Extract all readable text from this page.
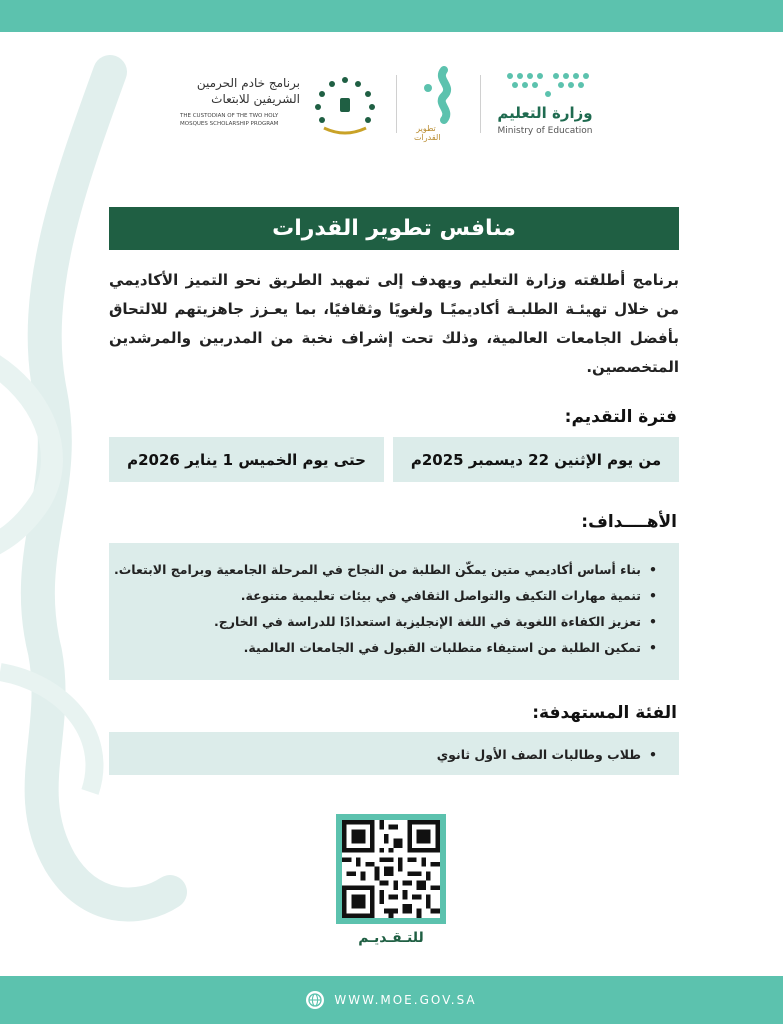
برنامج خادم الحرمين
الشريفين للابتعاث
THE CUSTODIAN OF THE TWO HOLY
MOSQUES SCHOLARSHIP PROGRAM	تطوير القدرات
وزارة التعليم
Ministry of Education
منافس تطوير القدرات
برنامج أطلقته وزارة التعليم ويهدف إلى تمهيد الطريق نحو التميز الأكاديمي من خلال تهيئـة الطلبـة أكاديميًـا ولغويًا وثقافيًا، بما يعـزز جاهزيتهم للالتحاق بأفضل الجامعات العالمية، وذلك تحت إشراف نخبة من المدربين والمرشدين المتخصصين.
فترة التقديم:
من يوم الإثنين 22 ديسمبر 2025م
حتى يوم الخميس 1 يناير 2026م
الأهــــداف:
• بناء أساس أكاديمي متين يمكّن الطلبة من النجاح في المرحلة الجامعية وبرامج الابتعاث.
• تنمية مهارات التكيف والتواصل الثقافي في بيئات تعليمية متنوعة.
• تعزيز الكفاءة اللغوية في اللغة الإنجليزية استعدادًا للدراسة في الخارج.
• تمكين الطلبة من استيفاء متطلبات القبول في الجامعات العالمية.
الفئة المستهدفة:
• طلاب وطالبات الصف الأول ثانوي
للتـقـديـم
WWW.MOE.GOV.SA
